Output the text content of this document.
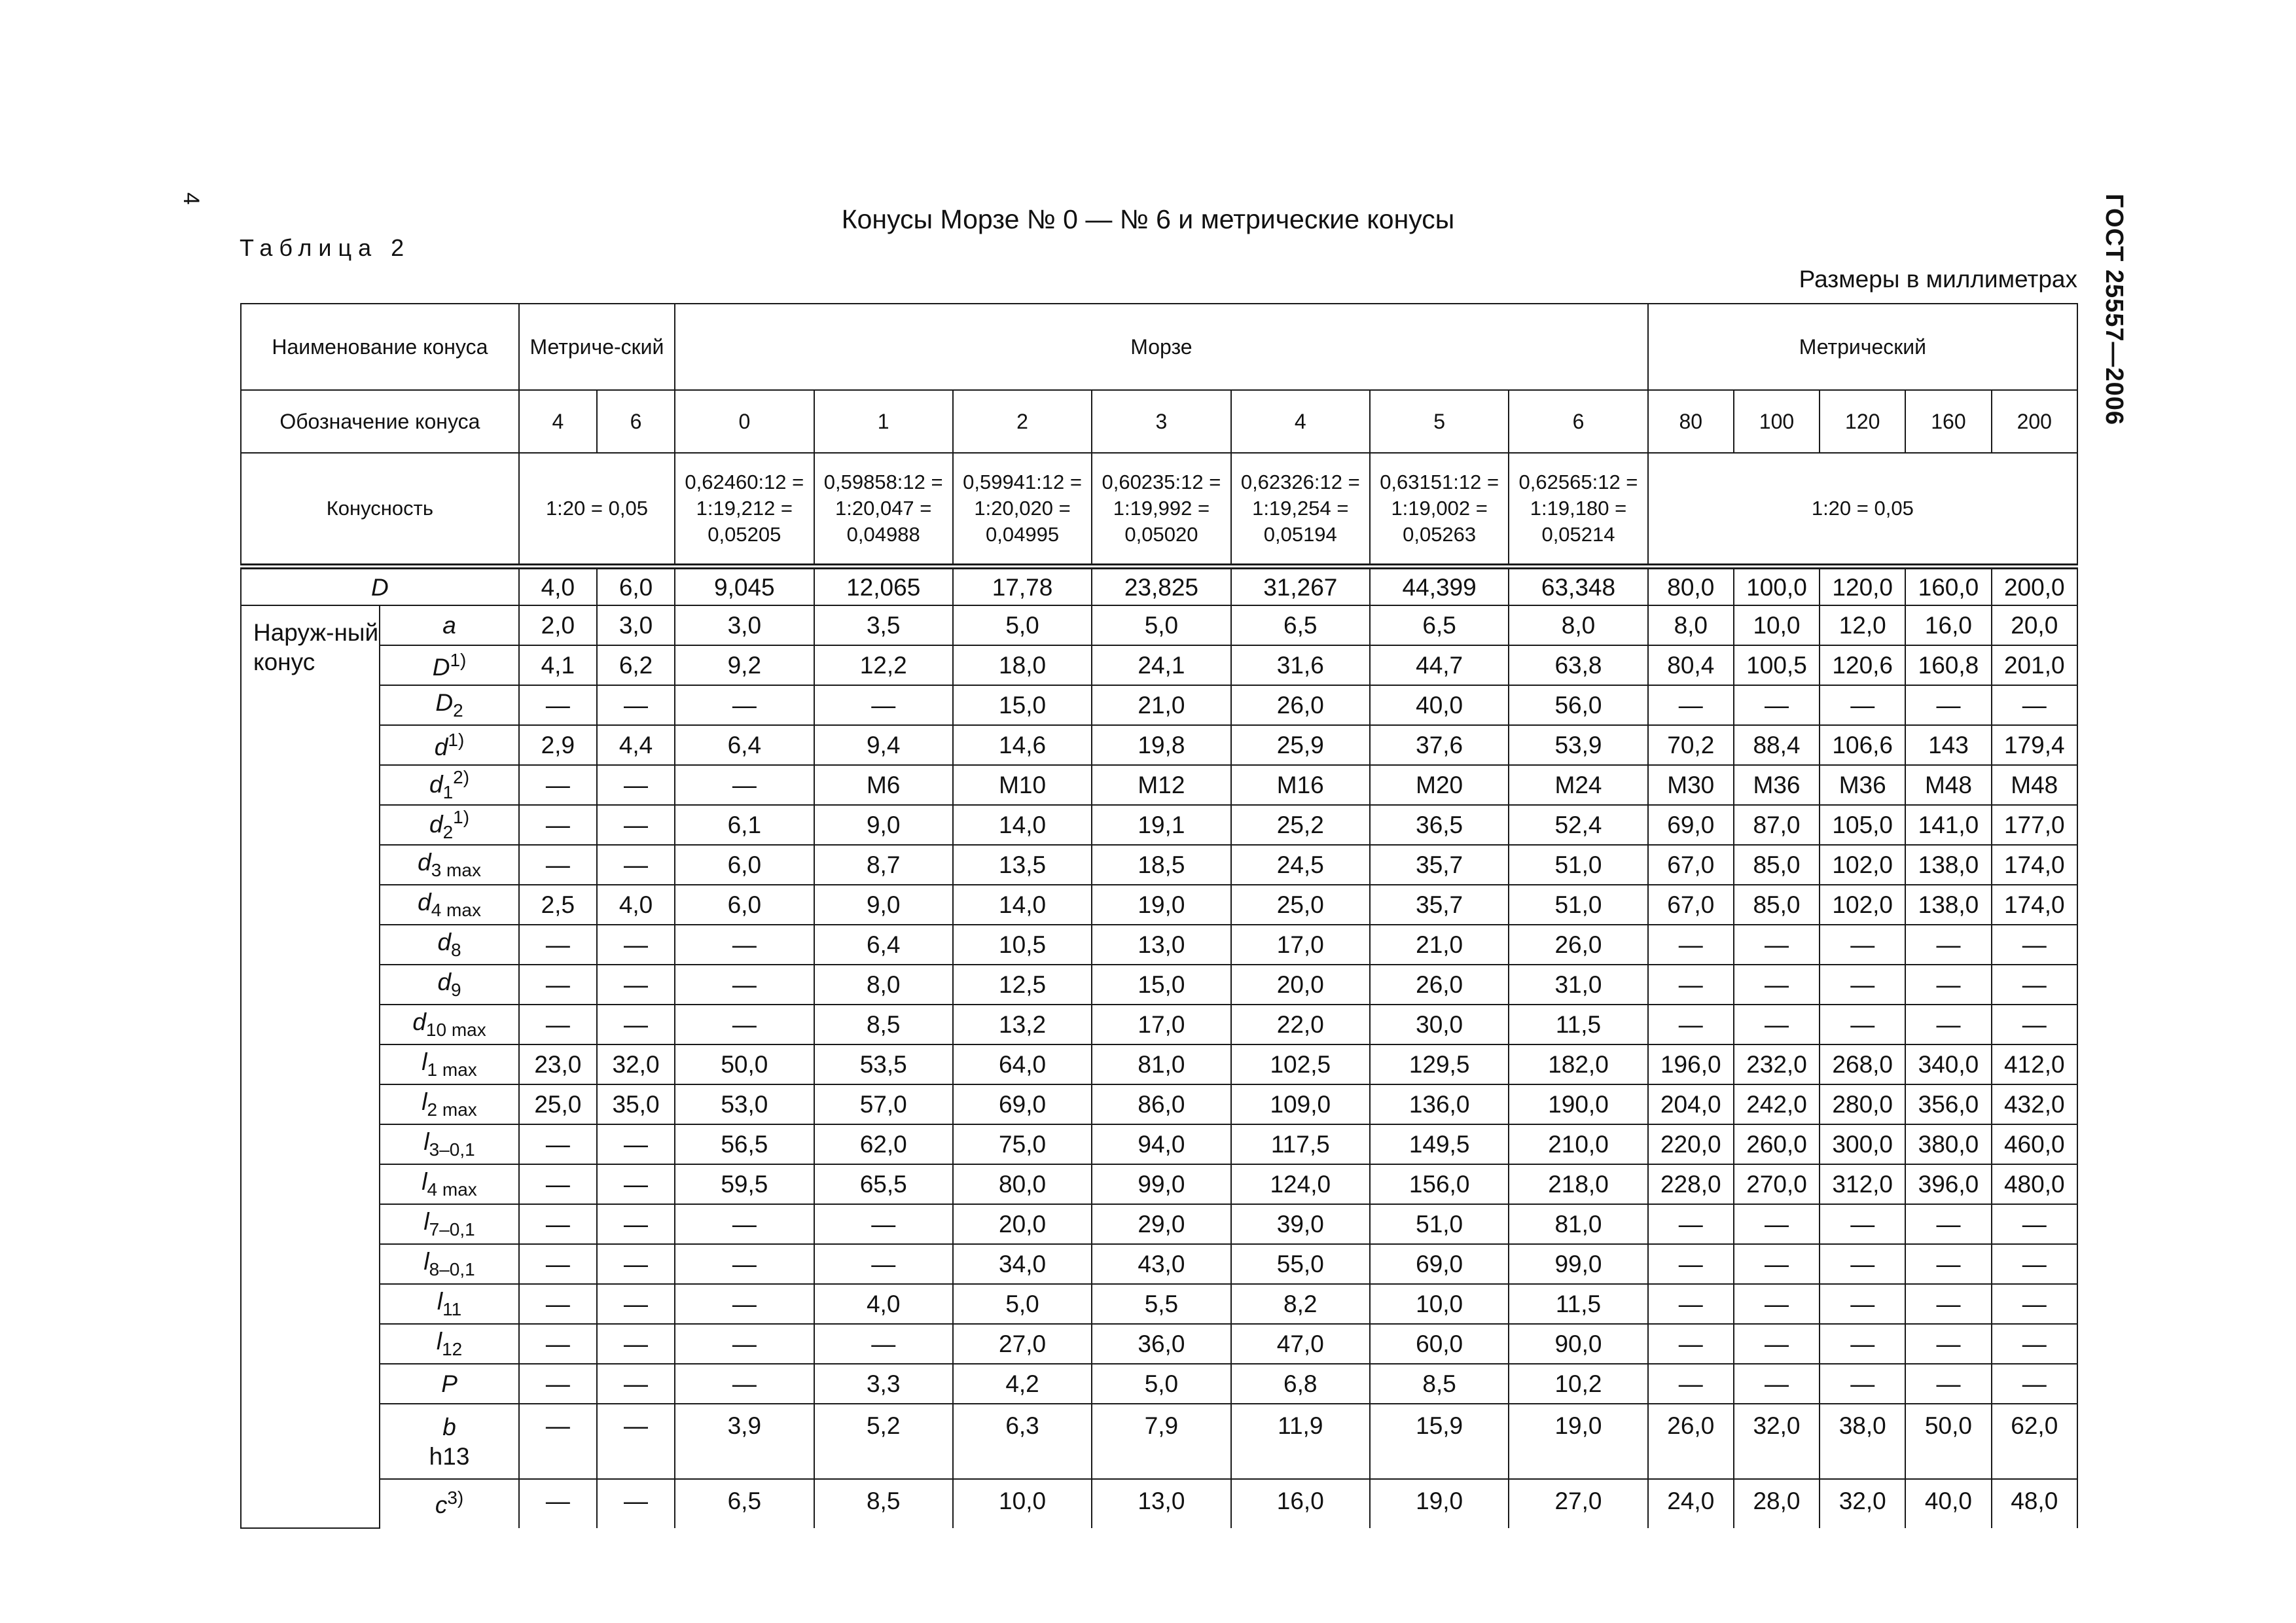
4	ГОСТ 25557—2006
Таблица 2
Конусы Морзе № 0 — № 6 и метрические конусы
Размеры в миллиметрах
Наименование конуса		Метриче-ский		Морзе							Метрический				
Обозначение конуса		4	6	0	1	2	3	4	5	6	80	100	120	160	200
Конусность		1:20 = 0,05		0,62460:12 = 1:19,212 = 0,05205	0,59858:12 = 1:20,047 = 0,04988	0,59941:12 = 1:20,020 = 0,04995	0,60235:12 = 1:19,992 = 0,05020	0,62326:12 = 1:19,254 = 0,05194	0,63151:12 = 1:19,002 = 0,05263	0,62565:12 = 1:19,180 = 0,05214	1:20 = 0,05				
D		4,0	6,0	9,045	12,065	17,78	23,825	31,267	44,399	63,348	80,0	100,0	120,0	160,0	200,0
Наруж-ный конус	a	2,0	3,0	3,0	3,5	5,0	5,0	6,5	6,5	8,0	8,0	10,0	12,0	16,0	20,0
	$D^{1)}$	4,1	6,2	9,2	12,2	18,0	24,1	31,6	44,7	63,8	80,4	100,5	120,6	160,8	201,0
	$D_2$	—	—	—	—	15,0	21,0	26,0	40,0	56,0	—	—	—	—	—
	$d^{1)}$	2,9	4,4	6,4	9,4	14,6	19,8	25,9	37,6	53,9	70,2	88,4	106,6	143	179,4
	$d_1^{2)}$	—	—	—	M6	M10	M12	M16	M20	M24	M30	M36	M36	M48	M48
	$d_2^{1)}$	—	—	6,1	9,0	14,0	19,1	25,2	36,5	52,4	69,0	87,0	105,0	141,0	177,0
	$d_{3 max}$	—	—	6,0	8,7	13,5	18,5	24,5	35,7	51,0	67,0	85,0	102,0	138,0	174,0
	$d_{4 max}$	2,5	4,0	6,0	9,0	14,0	19,0	25,0	35,7	51,0	67,0	85,0	102,0	138,0	174,0
	$d_8$	—	—	—	6,4	10,5	13,0	17,0	21,0	26,0	—	—	—	—	—
	$d_9$	—	—	—	8,0	12,5	15,0	20,0	26,0	31,0	—	—	—	—	—
	$d_{10 max}$	—	—	—	8,5	13,2	17,0	22,0	30,0	11,5	—	—	—	—	—
	$l_{1 max}$	23,0	32,0	50,0	53,5	64,0	81,0	102,5	129,5	182,0	196,0	232,0	268,0	340,0	412,0
	$l_{2 max}$	25,0	35,0	53,0	57,0	69,0	86,0	109,0	136,0	190,0	204,0	242,0	280,0	356,0	432,0
	$l_{3-0,1}$	—	—	56,5	62,0	75,0	94,0	117,5	149,5	210,0	220,0	260,0	300,0	380,0	460,0
	$l_{4 max}$	—	—	59,5	65,5	80,0	99,0	124,0	156,0	218,0	228,0	270,0	312,0	396,0	480,0
	$l_{7-0,1}$	—	—	—	—	20,0	29,0	39,0	51,0	81,0	—	—	—	—	—
	$l_{8-0,1}$	—	—	—	—	34,0	43,0	55,0	69,0	99,0	—	—	—	—	—
	$l_{11}$	—	—	—	4,0	5,0	5,5	8,2	10,0	11,5	—	—	—	—	—
	$l_{12}$	—	—	—	—	27,0	36,0	47,0	60,0	90,0	—	—	—	—	—
	P	—	—	—	3,3	4,2	5,0	6,8	8,5	10,2	—	—	—	—	—
	b
h13	—	—	3,9	5,2	6,3	7,9	11,9	15,9	19,0	26,0	32,0	38,0	50,0	62,0
	$c^{3)}$	—	—	6,5	8,5	10,0	13,0	16,0	19,0	27,0	24,0	28,0	32,0	40,0	48,0
